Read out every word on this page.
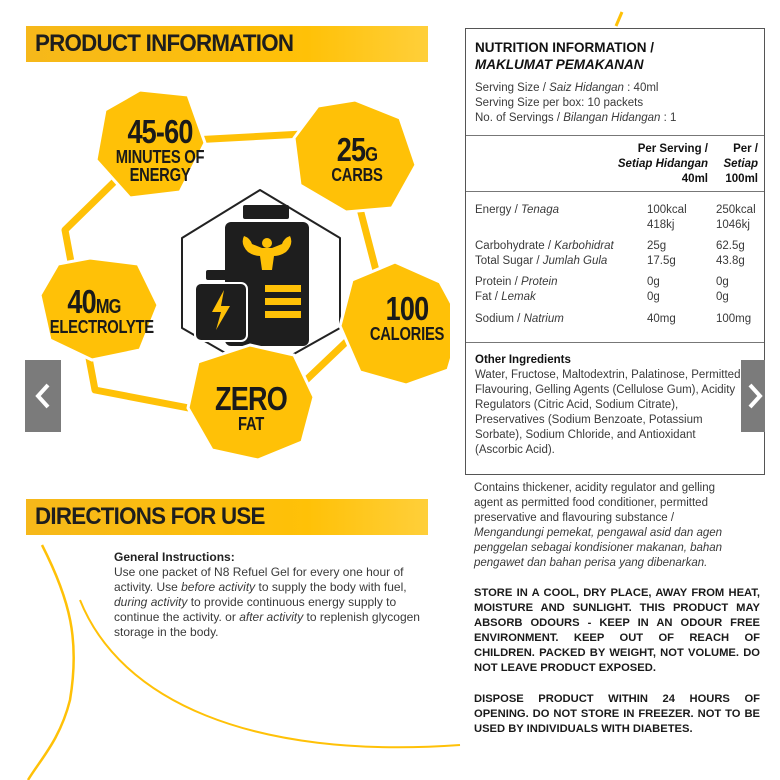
PRODUCT INFORMATION
45-60
MINUTES OF
ENERGY
25G
CARBS
40MG
ELECTROLYTE	100
CALORIES
ZERO
FAT
DIRECTIONS FOR USE
General Instructions:
Use one packet of N8 Refuel Gel for every one hour of
activity. Use before activity to supply the body with fuel,
during activity to provide continuous energy supply to
continue the activity. or after activity to replenish glycogen
storage in the body.
NUTRITION INFORMATION /
MAKLUMAT PEMAKANAN
Serving Size / Saiz Hidangan : 40ml
Serving Size per box: 10 packets
No. of Servings / Bilangan Hidangan : 1
Per Serving /
Setiap Hidangan
40ml
Per /
Setiap
100ml
Energy / Tenaga	100kcal	250kcal
418kj	1046kj
Carbohydrate / Karbohidrat	25g	62.5g
Total Sugar / Jumlah Gula	17.5g	43.8g
Protein / Protein	0g	0g
Fat / Lemak	0g	0g
Sodium / Natrium	40mg	100mg
Other Ingredients
Water, Fructose, Maltodextrin, Palatinose, Permitted
Flavouring, Gelling Agents (Cellulose Gum), Acidity
Regulators (Citric Acid, Sodium Citrate),
Preservatives (Sodium Benzoate, Potassium
Sorbate), Sodium Chloride, and Antioxidant
(Ascorbic Acid).
Contains thickener, acidity regulator and gelling
agent as permitted food conditioner, permitted
preservative and flavouring substance /
Mengandungi pemekat, pengawal asid dan agen
penggelan sebagai kondisioner makanan, bahan
pengawet dan bahan perisa yang dibenarkan.
STORE IN A COOL, DRY PLACE, AWAY FROM HEAT, MOISTURE AND SUNLIGHT. THIS PRODUCT MAY ABSORB ODOURS - KEEP IN AN ODOUR FREE ENVIRONMENT. KEEP OUT OF REACH OF CHILDREN. PACKED BY WEIGHT, NOT VOLUME. DO NOT LEAVE PRODUCT EXPOSED.
DISPOSE PRODUCT WITHIN 24 HOURS OF OPENING. DO NOT STORE IN FREEZER. NOT TO BE USED BY INDIVIDUALS WITH DIABETES.
